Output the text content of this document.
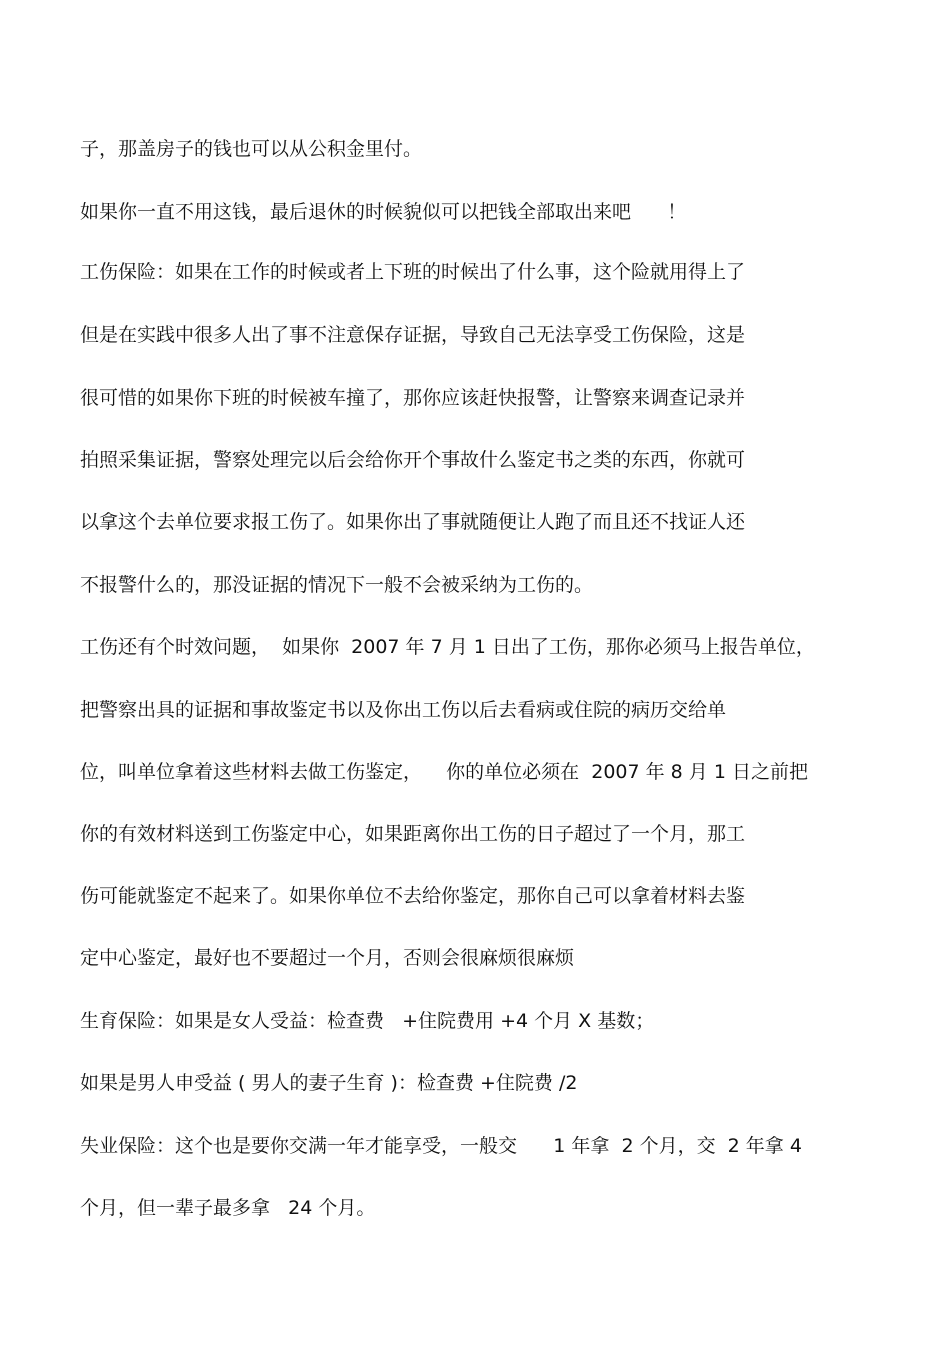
子，那盖房子的钱也可以从公积金里付。
如果你一直不用这钱，最后退休的时候貌似可以把钱全部取出来吧      ！
工伤保险：如果在工作的时候或者上下班的时候出了什么事，这个险就用得上了
但是在实践中很多人出了事不注意保存证据，导致自己无法享受工伤保险，这是
很可惜的如果你下班的时候被车撞了，那你应该赶快报警，让警察来调查记录并
拍照采集证据，警察处理完以后会给你开个事故什么鉴定书之类的东西，你就可
以拿这个去单位要求报工伤了。如果你出了事就随便让人跑了而且还不找证人还
不报警什么的，那没证据的情况下一般不会被采纳为工伤的。
工伤还有个时效问题，  如果你  2007 年 7 月 1 日出了工伤，那你必须马上报告单位，
把警察出具的证据和事故鉴定书以及你出工伤以后去看病或住院的病历交给单
位，叫单位拿着这些材料去做工伤鉴定，    你的单位必须在  2007 年 8 月 1 日之前把
你的有效材料送到工伤鉴定中心，如果距离你出工伤的日子超过了一个月，那工
伤可能就鉴定不起来了。如果你单位不去给你鉴定，那你自己可以拿着材料去鉴
定中心鉴定，最好也不要超过一个月，否则会很麻烦很麻烦
生育保险：如果是女人受益：检查费   +住院费用 +4 个月 X 基数；
如果是男人申受益 ( 男人的妻子生育 )：检查费 +住院费 /2
失业保险：这个也是要你交满一年才能享受，一般交      1 年拿  2 个月，交  2 年拿 4
个月，但一辈子最多拿   24 个月。
